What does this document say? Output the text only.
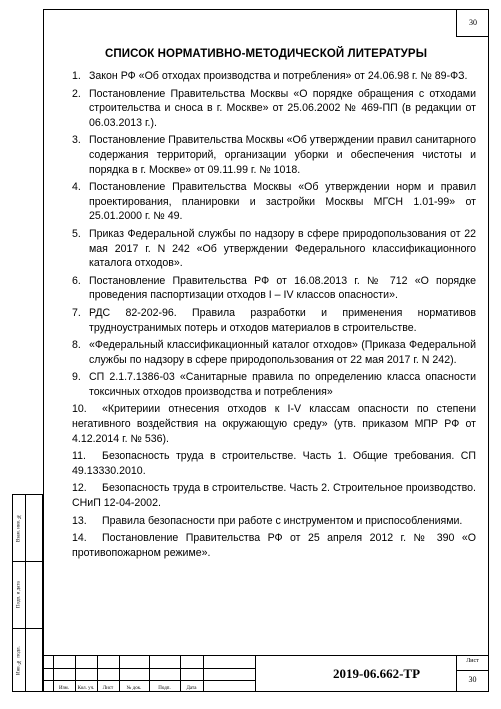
30
СПИСОК НОРМАТИВНО-МЕТОДИЧЕСКОЙ ЛИТЕРАТУРЫ
1. Закон РФ «Об отходах производства и потребления» от 24.06.98 г. № 89-ФЗ.
2. Постановление Правительства Москвы «О порядке обращения с отходами строительства и сноса в г. Москве» от 25.06.2002 № 469-ПП (в редакции от 06.03.2013 г.).
3. Постановление Правительства Москвы «Об утверждении правил санитарного содержания территорий, организации уборки и обеспечения чистоты и порядка в г. Москве» от 09.11.99 г. № 1018.
4. Постановление Правительства Москвы «Об утверждении норм и правил проектирования, планировки и застройки Москвы МГСН 1.01-99» от 25.01.2000 г. № 49.
5. Приказ Федеральной службы по надзору в сфере природопользования от 22 мая 2017 г. N 242 «Об утверждении Федерального классификационного каталога отходов».
6. Постановление Правительства РФ от 16.08.2013 г. № 712 «О порядке проведения паспортизации отходов I – IV классов опасности».
7. РДС 82-202-96. Правила разработки и применения нормативов трудноустранимых потерь и отходов материалов в строительстве.
8. «Федеральный классификационный каталог отходов» (Приказа Федеральной службы по надзору в сфере природопользования от 22 мая 2017 г. N 242).
9. СП 2.1.7.1386-03 «Санитарные правила по определению класса опасности токсичных отходов производства и потребления»
10. «Критериии отнесения отходов к I-V классам опасности по степени негативного воздействия на окружающую среду» (утв. приказом МПР РФ от 4.12.2014 г. № 536).
11. Безопасность труда в строительстве. Часть 1. Общие требования. СП 49.13330.2010.
12. Безопасность труда в строительстве. Часть 2. Строительное производство. СНиП 12-04-2002.
13. Правила безопасности при работе с инструментом и приспособлениями.
14. Постановление Правительства РФ от 25 апреля 2012 г. № 390 «О противопожарном режиме».
Взам. инв. №
Подп. и дата
Инв. № подл.
Изм.	Кол. уч.	Лист	№ док.	Подп.	Дата
2019-06.662-ТР
Лист
30
